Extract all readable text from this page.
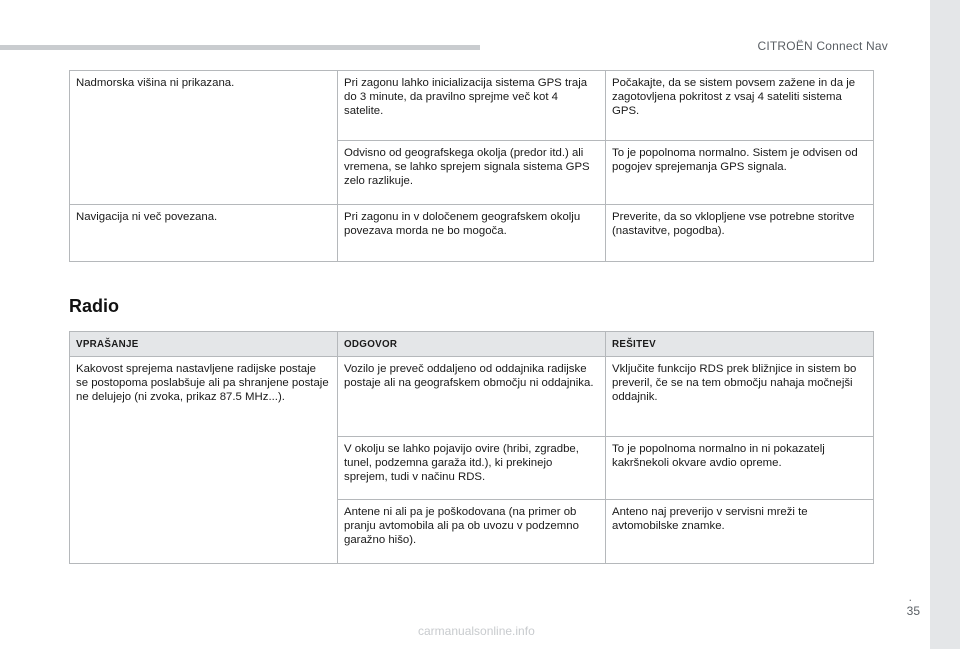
CITROËN Connect Nav
Nadmorska višina ni prikazana.	Pri zagonu lahko inicializacija sistema GPS traja do 3 minute, da pravilno sprejme več kot 4 satelite.	Počakajte, da se sistem povsem zažene in da je zagotovljena pokritost z vsaj 4 sateliti sistema GPS.
	Odvisno od geografskega okolja (predor itd.) ali vremena, se lahko sprejem signala sistema GPS zelo razlikuje.	To je popolnoma normalno. Sistem je odvisen od pogojev sprejemanja GPS signala.
Navigacija ni več povezana.	Pri zagonu in v določenem geografskem okolju povezava morda ne bo mogoča.	Preverite, da so vklopljene vse potrebne storitve (nastavitve, pogodba).
Radio
VPRAŠANJE	ODGOVOR	REŠITEV
Kakovost sprejema nastavljene radijske postaje se postopoma poslabšuje ali pa shranjene postaje ne delujejo (ni zvoka, prikaz 87.5 MHz...).	Vozilo je preveč oddaljeno od oddajnika radijske postaje ali na geografskem območju ni oddajnika.	Vključite funkcijo RDS prek bližnjice in sistem bo preveril, če se na tem območju nahaja močnejši oddajnik.
	V okolju se lahko pojavijo ovire (hribi, zgradbe, tunel, podzemna garaža itd.), ki prekinejo sprejem, tudi v načinu RDS.	To je popolnoma normalno in ni pokazatelj kakršnekoli okvare avdio opreme.
	Antene ni ali pa je poškodovana (na primer ob pranju avtomobila ali pa ob uvozu v podzemno garažno hišo).	Anteno naj preverijo v servisni mreži te avtomobilske znamke.
.
35
carmanualsonline.info
